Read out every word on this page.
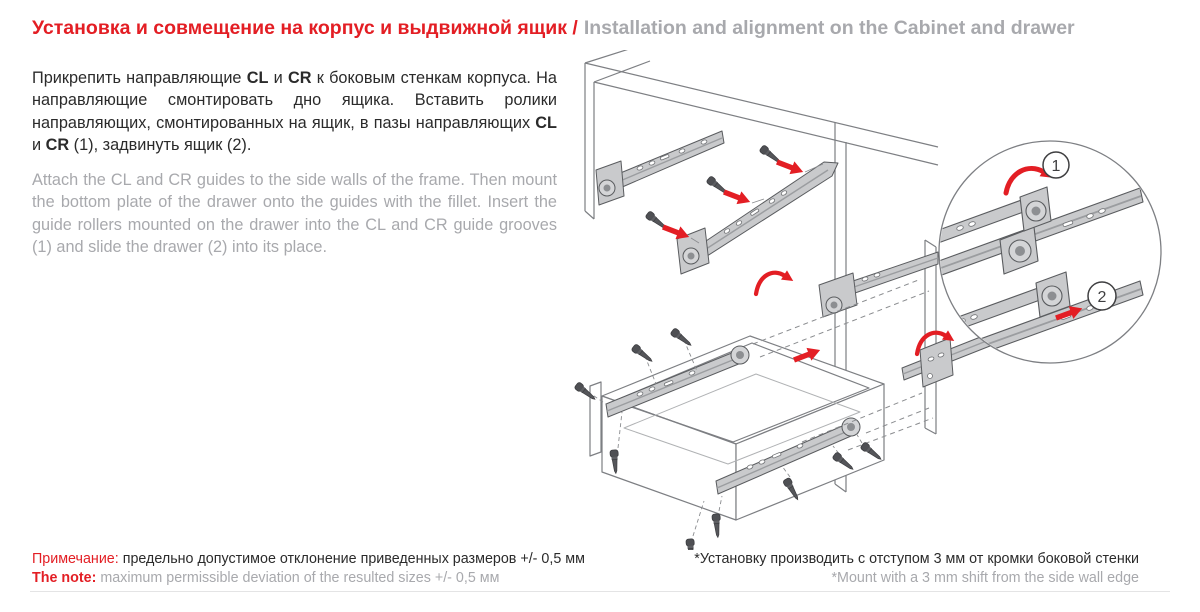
Установка и совмещение на корпус и выдвижной ящик / Installation and alignment on the Cabinet and drawer
Прикрепить направляющие CL и CR к боковым стенкам корпуса. На направляющие смонтировать дно ящика. Вставить ролики направляющих, смонтированных на ящик, в пазы направляющих CL и CR (1), задвинуть ящик (2).
Attach the CL and CR guides to the side walls of the frame. Then mount the bottom plate of the drawer onto the guides with the fillet. Insert the guide rollers mounted on the drawer into the CL and CR guide grooves (1) and slide the drawer (2) into its place.
Примечание: предельно допустимое отклонение приведенных размеров +/- 0,5 мм
The note: maximum permissible deviation of the resulted sizes +/- 0,5 мм
*Установку производить с отступом 3 мм от кромки боковой стенки
*Mount with a 3 mm shift from the side wall edge
1
2
